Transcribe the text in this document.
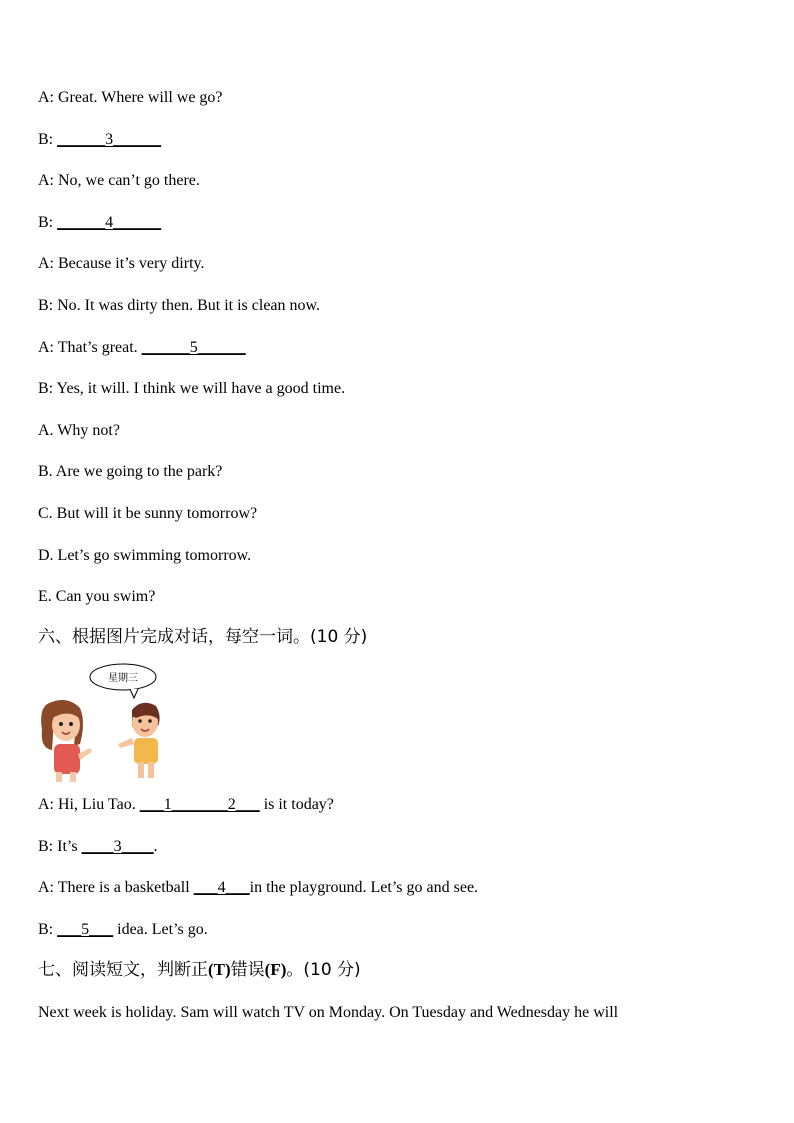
A: Great. Where will we go?
B: ______3______
A: No, we can’t go there.
B: ______4______
A: Because it’s very dirty.
B: No. It was dirty then. But it is clean now.
A: That’s great. ______5______
B: Yes, it will. I think we will have a good time.
A. Why not?
B. Are we going to the park?
C. But will it be sunny tomorrow?
D. Let’s go swimming tomorrow.
E. Can you swim?
六、根据图片完成对话，每空一词。(10 分)
星期三
A: Hi, Liu Tao. ___1_______2___ is it today?
B: It’s ____3____.
A: There is a basketball ___4___in the playground. Let’s go and see.
B: ___5___ idea. Let’s go.
七、阅读短文，判断正(T)错误(F)。(10 分)
Next week is holiday. Sam will watch TV on Monday. On Tuesday and Wednesday he will
